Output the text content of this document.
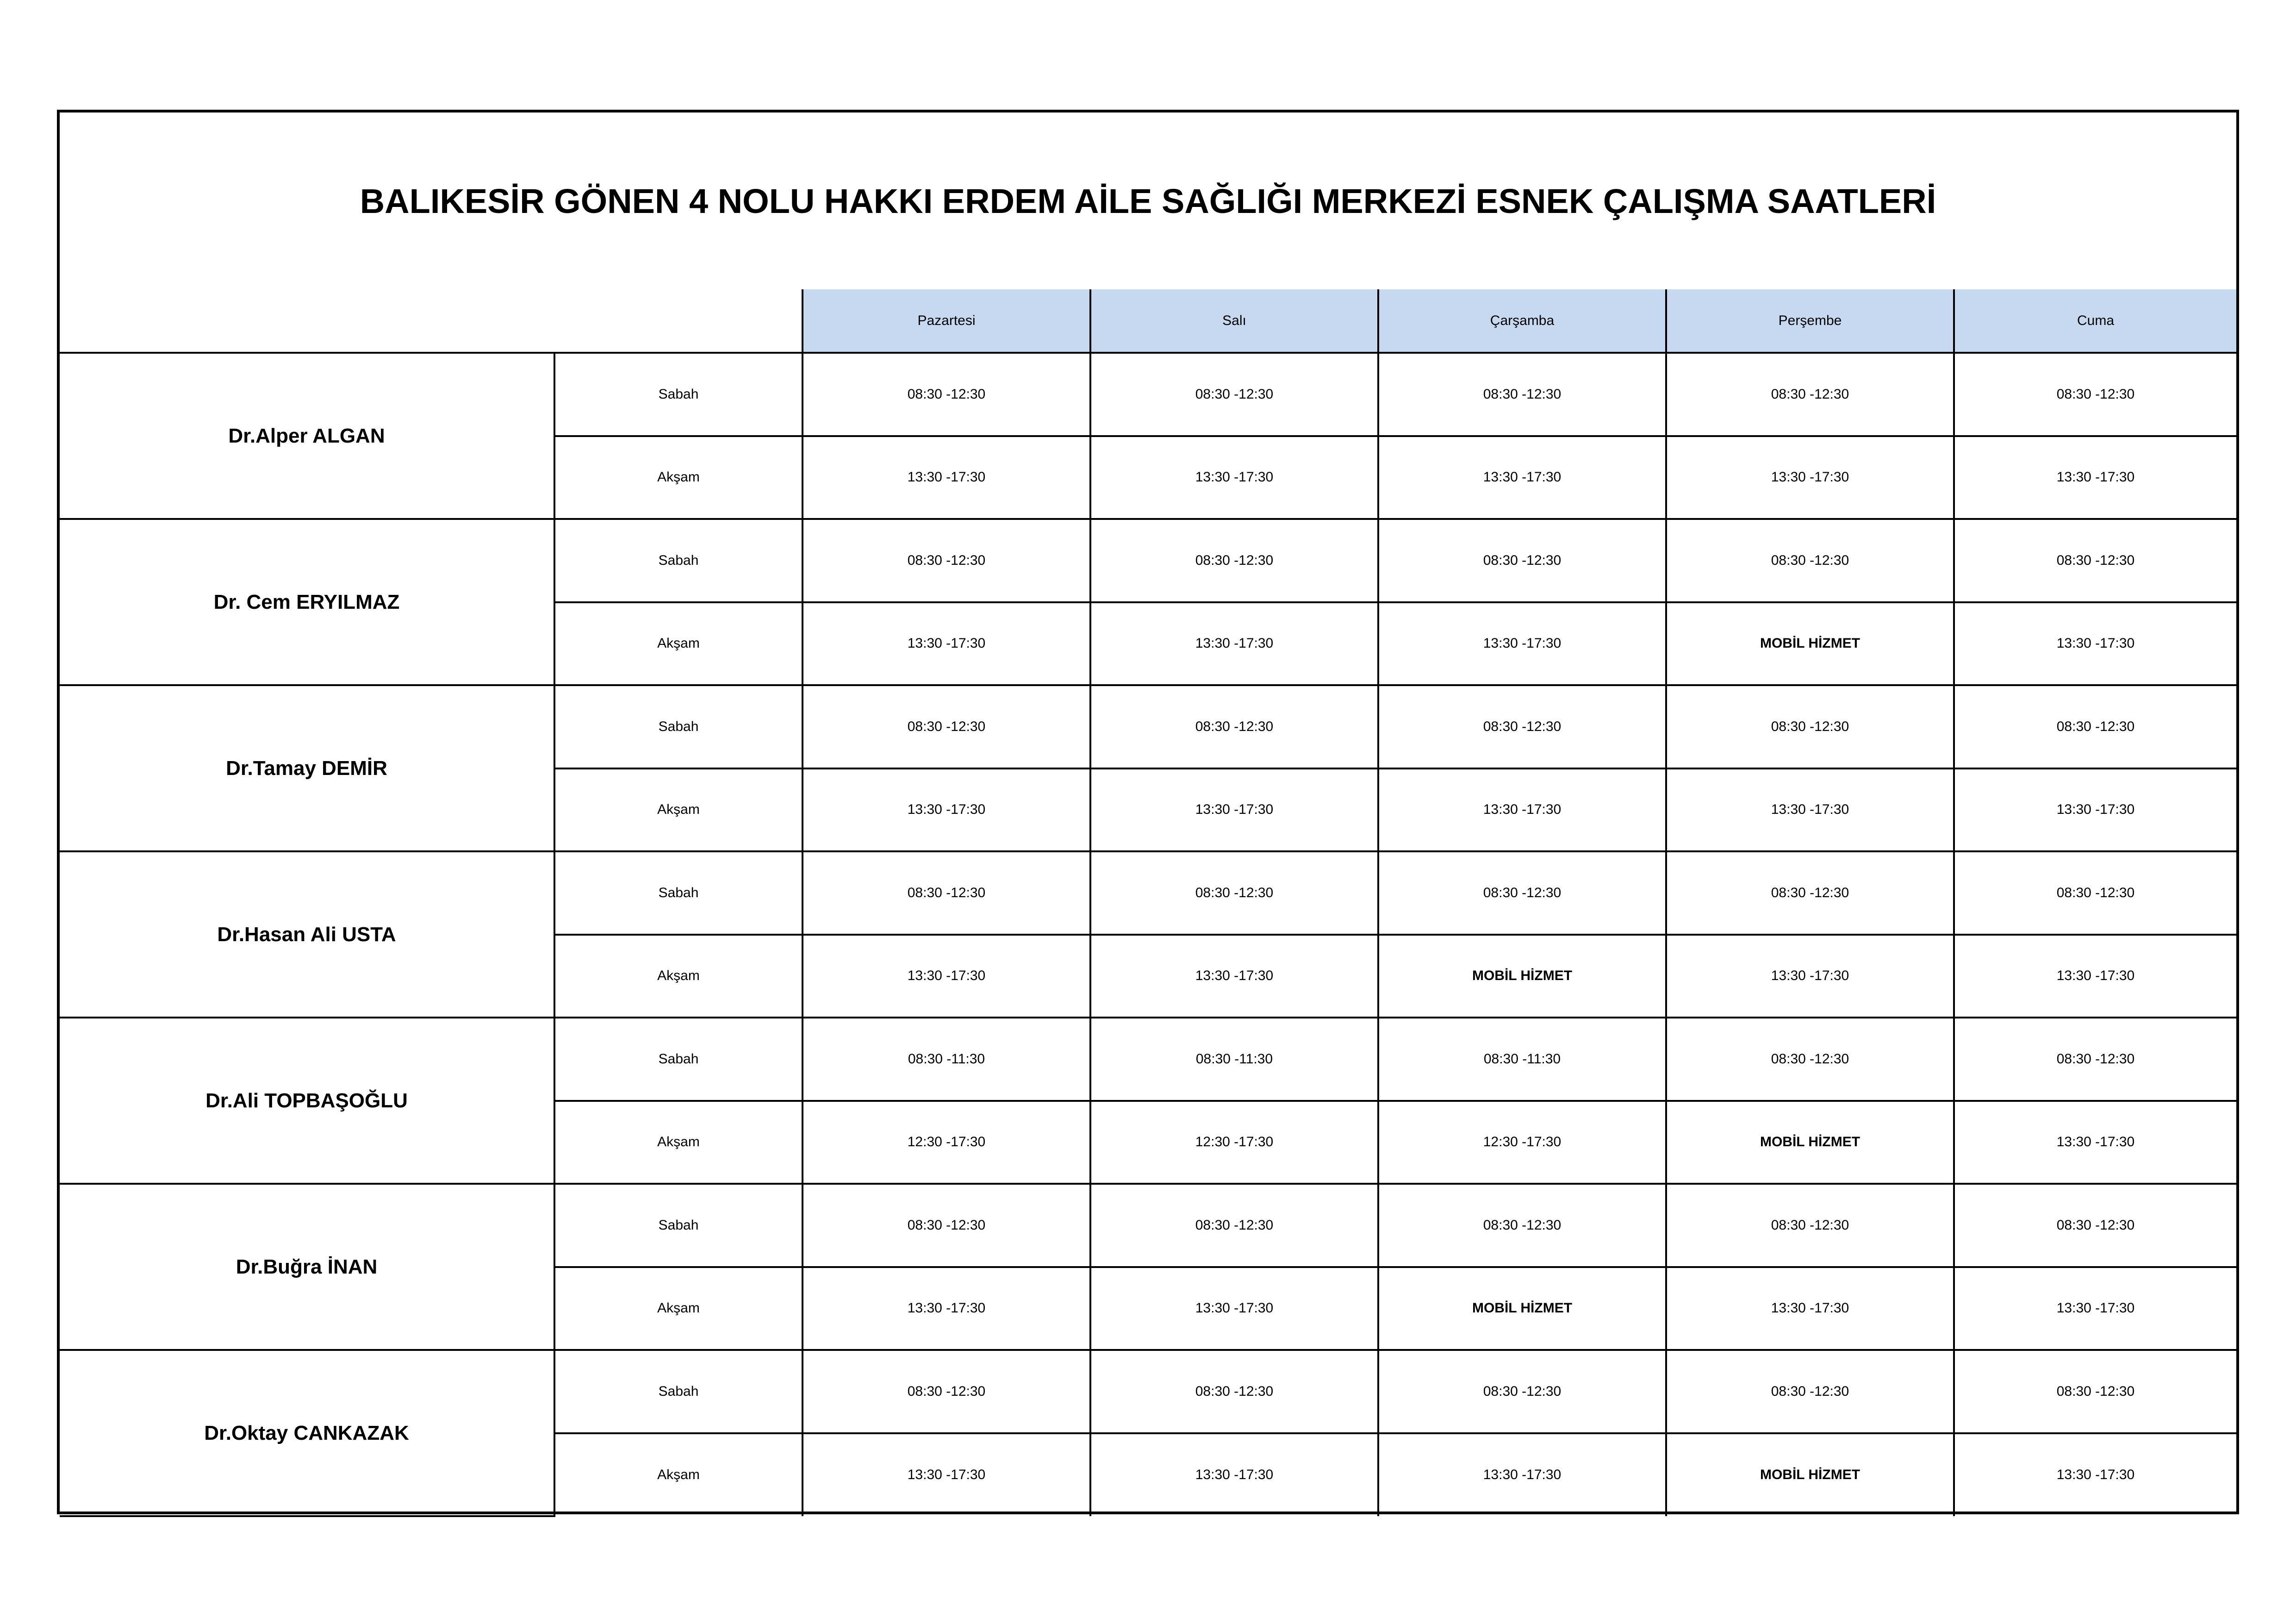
BALIKESİR GÖNEN 4 NOLU HAKKI ERDEM AİLE SAĞLIĞI MERKEZİ ESNEK ÇALIŞMA SAATLERİ
		Pazartesi	Salı	Çarşamba	Perşembe	Cuma
Dr.Alper ALGAN	Sabah	08:30 -12:30	08:30 -12:30	08:30 -12:30	08:30 -12:30	08:30 -12:30
	Akşam	13:30 -17:30	13:30 -17:30	13:30 -17:30	13:30 -17:30	13:30 -17:30
Dr. Cem ERYILMAZ	Sabah	08:30 -12:30	08:30 -12:30	08:30 -12:30	08:30 -12:30	08:30 -12:30
	Akşam	13:30 -17:30	13:30 -17:30	13:30 -17:30	MOBİL HİZMET	13:30 -17:30
Dr.Tamay DEMİR	Sabah	08:30 -12:30	08:30 -12:30	08:30 -12:30	08:30 -12:30	08:30 -12:30
	Akşam	13:30 -17:30	13:30 -17:30	13:30 -17:30	13:30 -17:30	13:30 -17:30
Dr.Hasan Ali USTA	Sabah	08:30 -12:30	08:30 -12:30	08:30 -12:30	08:30 -12:30	08:30 -12:30
	Akşam	13:30 -17:30	13:30 -17:30	MOBİL HİZMET	13:30 -17:30	13:30 -17:30
Dr.Ali TOPBAŞOĞLU	Sabah	08:30 -11:30	08:30 -11:30	08:30 -11:30	08:30 -12:30	08:30 -12:30
	Akşam	12:30 -17:30	12:30 -17:30	12:30 -17:30	MOBİL HİZMET	13:30 -17:30
Dr.Buğra İNAN	Sabah	08:30 -12:30	08:30 -12:30	08:30 -12:30	08:30 -12:30	08:30 -12:30
	Akşam	13:30 -17:30	13:30 -17:30	MOBİL HİZMET	13:30 -17:30	13:30 -17:30
Dr.Oktay CANKAZAK	Sabah	08:30 -12:30	08:30 -12:30	08:30 -12:30	08:30 -12:30	08:30 -12:30
	Akşam	13:30 -17:30	13:30 -17:30	13:30 -17:30	MOBİL HİZMET	13:30 -17:30
